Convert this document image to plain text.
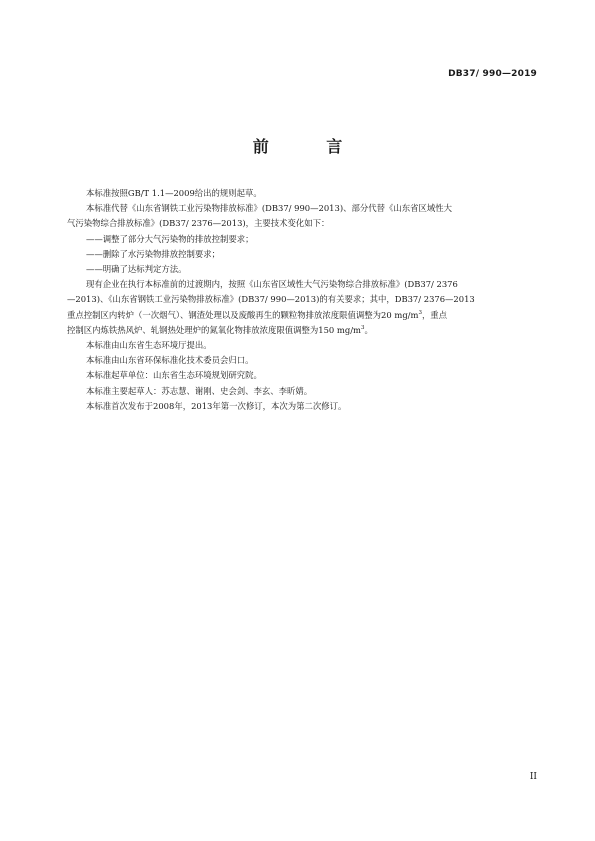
DB37/ 990—2019
前 言

本标准按照GB/T 1.1—2009给出的规则起草。

本标准代替《山东省钢铁工业污染物排放标准》(DB37/ 990—2013)、部分代替《山东省区域性大

气污染物综合排放标准》(DB37/ 2376—2013)，主要技术变化如下：

——调整了部分大气污染物的排放控制要求；

——删除了水污染物排放控制要求；

——明确了达标判定方法。

现有企业在执行本标准前的过渡期内，按照《山东省区域性大气污染物综合排放标准》(DB37/ 2376

—2013)、《山东省钢铁工业污染物排放标准》(DB37/ 990—2013)的有关要求；其中，DB37/ 2376—2013

重点控制区内转炉（一次烟气）、钢渣处理以及废酸再生的颗粒物排放浓度限值调整为20 $mg/m^3$，重点

控制区内炼铁热风炉、轧钢热处理炉的氮氧化物排放浓度限值调整为150 $mg/m^3$。

本标准由山东省生态环境厅提出。

本标准由山东省环保标准化技术委员会归口。

本标准起草单位：山东省生态环境规划研究院。

本标准主要起草人：苏志慧、谢刚、史会剑、李玄、李昕婧。

本标准首次发布于2008年，2013年第一次修订，本次为第二次修订。

II
